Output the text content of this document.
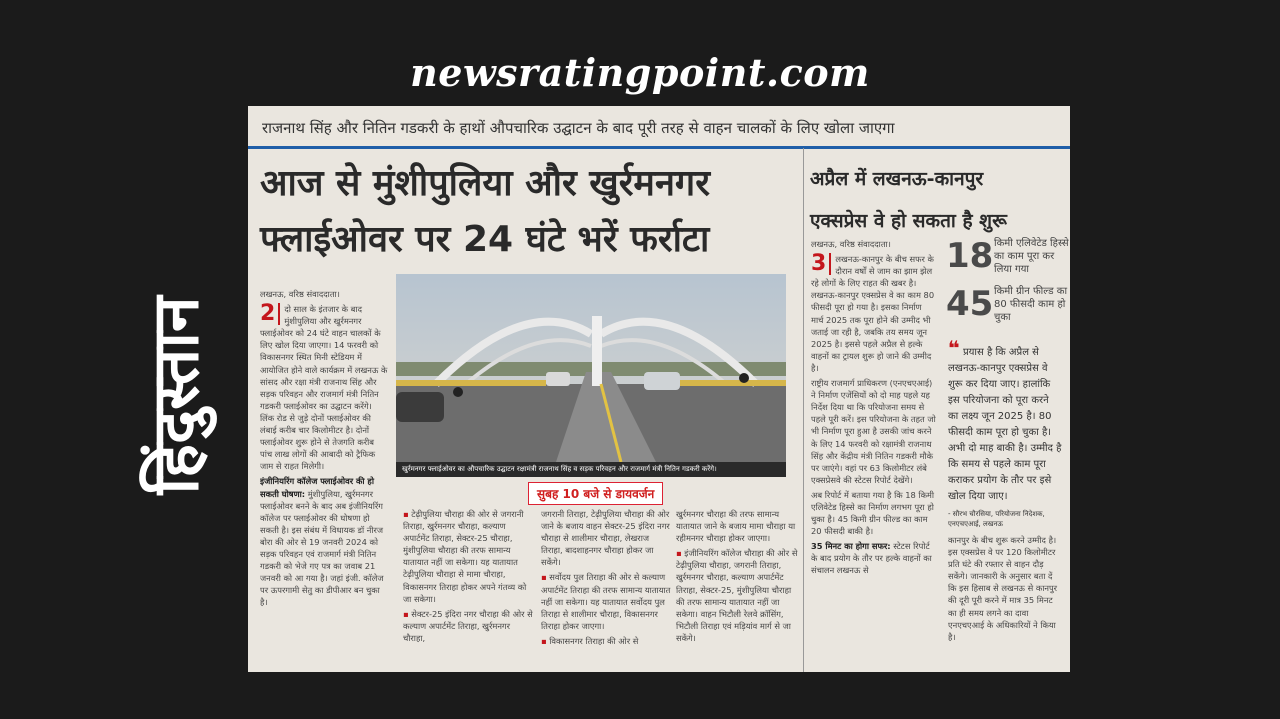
newsratingpoint.com
हिंदुस्तान
राजनाथ सिंह और नितिन गडकरी के हाथों औपचारिक उद्घाटन के बाद पूरी तरह से वाहन चालकों के लिए खोला जाएगा
आज से मुंशीपुलिया और खुर्रमनगर
फ्लाईओवर पर 24 घंटे भरें फर्राटा
अप्रैल में लखनऊ-कानपुर
एक्सप्रेस वे हो सकता है शुरू
खुर्रमनगर फ्लाईओवर का औपचारिक उद्घाटन रक्षामंत्री राजनाथ सिंह व सड़क परिवहन और राजमार्ग मंत्री नितिन गडकरी करेंगे।
सुबह 10 बजे से डायवर्जन

लखनऊ, वरिष्ठ संवाददाता।

2	दो साल के इंतजार के बाद मुंशीपुलिया और खुर्रमनगर फ्लाईओवर को 24 घंटे वाहन चालकों के लिए खोल दिया जाएगा। 14 फरवरी को विकासनगर स्थित मिनी स्टेडियम में आयोजित होने वाले कार्यक्रम में लखनऊ के सांसद और रक्षा मंत्री राजनाथ सिंह और सड़क परिवहन और राजमार्ग मंत्री नितिन गडकरी फ्लाईओवर का उद्घाटन करेंगे। लिंक रोड से जुड़े दोनों फ्लाईओवर की लंबाई करीब चार किलोमीटर है। दोनों फ्लाईओवर शुरू होने से तेजगति करीब पांच लाख लोगों की आबादी को ट्रैफिक जाम से राहत मिलेगी।

इंजीनियरिंग कॉलेज फ्लाईओवर की हो सकती घोषणा: मुंशीपुलिया, खुर्रमनगर फ्लाईओवर बनने के बाद अब इंजीनियरिंग कॉलेज पर फ्लाईओवर की घोषणा हो सकती है। इस संबंध में विधायक डॉ नीरज बोरा की ओर से 19 जनवरी 2024 को सड़क परिवहन एवं राजमार्ग मंत्री नितिन गडकरी को भेजे गए पत्र का जवाब 21 जनवरी को आ गया है। जहां इंजी. कॉलेज पर ऊपरगामी सेतु का डीपीआर बन चुका है।

▪ टेढ़ीपुलिया चौराहा की ओर से जगरानी तिराहा, खुर्रमनगर चौराहा, कल्याण अपार्टमेंट तिराहा, सेक्टर-25 चौराहा, मुंशीपुलिया चौराहा की तरफ सामान्य यातायात नहीं जा सकेगा। यह यातायात टेढ़ीपुलिया चौराहा से मामा चौराहा, विकासनगर तिराहा होकर अपने गंतव्य को जा सकेगा।

▪ सेक्टर-25 इंदिरा नगर चौराहा की ओर से कल्याण अपार्टमेंट तिराहा, खुर्रमनगर चौराहा,

जगरानी तिराहा, टेढ़ीपुलिया चौराहा की ओर जाने के बजाय वाहन सेक्टर-25 इंदिरा नगर चौराहा से शालीमार चौराहा, लेखराज तिराहा, बादशाहनगर चौराहा होकर जा सकेंगे।

▪ सर्वोदय पुल तिराहा की ओर से कल्याण अपार्टमेंट तिराहा की तरफ सामान्य यातायात नहीं जा सकेगा। यह यातायात सर्वोदय पुल तिराहा से शालीमार चौराहा, विकासनगर तिराहा होकर जाएगा।

▪ विकासनगर तिराहा की ओर से

खुर्रमनगर चौराहा की तरफ सामान्य यातायात जाने के बजाय मामा चौराहा या रहीमनगर चौराहा होकर जाएगा।

▪ इंजीनियरिंग कॉलेज चौराहा की ओर से टेढ़ीपुलिया चौराहा, जगरानी तिराहा, खुर्रमनगर चौराहा, कल्याण अपार्टमेंट तिराहा, सेक्टर-25, मुंशीपुलिया चौराहा की तरफ सामान्य यातायात नहीं जा सकेगा। वाहन भिटौली रेलवे क्रॉसिंग, भिटौली तिराहा एवं मड़ियांव मार्ग से जा सकेंगे।

लखनऊ, वरिष्ठ संवाददाता।

3	लखनऊ-कानपुर के बीच सफर के दौरान वर्षों से जाम का झाम झेल रहे लोगों के लिए राहत की खबर है। लखनऊ-कानपुर एक्सप्रेस वे का काम 80 फीसदी पूरा हो गया है। इसका निर्माण मार्च 2025 तक पूरा होने की उम्मीद भी जताई जा रही है, जबकि तय समय जून 2025 है। इससे पहले अप्रैल से हल्के वाहनों का ट्रायल शुरू हो जाने की उम्मीद है।

राष्ट्रीय राजमार्ग प्राधिकरण (एनएचएआई) ने निर्माण एजेंसियों को दो माह पहले यह निर्देश दिया था कि परियोजना समय से पहले पूरी करें। इस परियोजना के तहत जो भी निर्माण पूरा हुआ है उसकी जांच करने के लिए 14 फरवरी को रक्षामंत्री राजनाथ सिंह और केंद्रीय मंत्री नितिन गडकरी मौके पर जाएंगे। वहां पर 63 किलोमीटर लंबे एक्सप्रेसवे की स्टेटस रिपोर्ट देखेंगे।

अब रिपोर्ट में बताया गया है कि 18 किमी एलिवेटेड हिस्से का निर्माण लगभग पूरा हो चुका है। 45 किमी ग्रीन फील्ड का काम 20 फीसदी बाकी है।

35 मिनट का होगा सफर: स्टेटस रिपोर्ट के बाद प्रयोग के तौर पर हल्के वाहनों का संचालन लखनऊ से

18 किमी एलिवेटेड हिस्से का काम पूरा कर लिया गया
45 किमी ग्रीन फील्ड का 80 फीसदी काम हो चुका
❝ प्रयास है कि अप्रैल से लखनऊ-कानपुर एक्सप्रेस वे शुरू कर दिया जाए। हालांकि इस परियोजना को पूरा करने का लक्ष्य जून 2025 है। 80 फीसदी काम पूरा हो चुका है। अभी दो माह बाकी है। उम्मीद है कि समय से पहले काम पूरा कराकर प्रयोग के तौर पर इसे खोल दिया जाए।
- सौरभ चौरसिया, परियोजना निदेशक, एनएचएआई, लखनऊ

कानपुर के बीच शुरू करने उम्मीद है। इस एक्सप्रेस वे पर 120 किलोमीटर प्रति घंटे की रफ्तार से वाहन दौड़ सकेंगे। जानकारी के अनुसार बता दें कि इस हिसाब से लखनऊ से कानपुर की दूरी पूरी करने में मात्र 35 मिनट का ही समय लगने का दावा एनएचएआई के अधिकारियों ने किया है।
